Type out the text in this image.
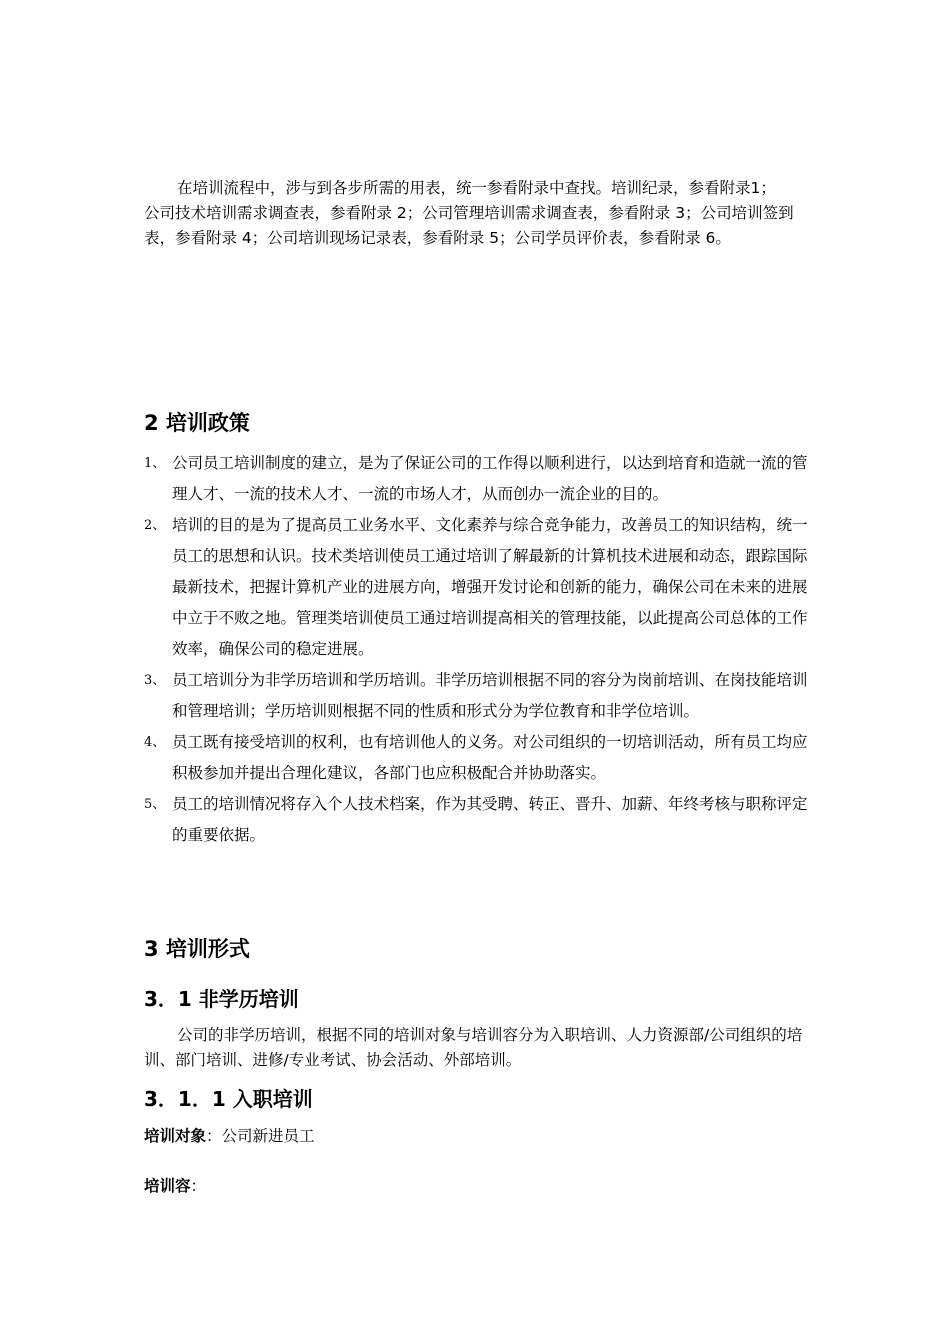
在培训流程中，涉与到各步所需的用表，统一参看附录中查找。培训纪录，参看附录1；

公司技术培训需求调查表，参看附录 2；公司管理培训需求调查表，参看附录 3；公司培训签到表，参看附录 4；公司培训现场记录表，参看附录 5；公司学员评价表，参看附录 6。

2 培训政策
1、 公司员工培训制度的建立，是为了保证公司的工作得以顺利进行，以达到培育和造就一流的管理人才、一流的技术人才、一流的市场人才，从而创办一流企业的目的。
2、 培训的目的是为了提高员工业务水平、文化素养与综合竞争能力，改善员工的知识结构，统一员工的思想和认识。技术类培训使员工通过培训了解最新的计算机技术进展和动态，跟踪国际最新技术，把握计算机产业的进展方向，增强开发讨论和创新的能力，确保公司在未来的进展中立于不败之地。管理类培训使员工通过培训提高相关的管理技能，以此提高公司总体的工作效率，确保公司的稳定进展。
3、 员工培训分为非学历培训和学历培训。非学历培训根据不同的容分为岗前培训、在岗技能培训和管理培训；学历培训则根据不同的性质和形式分为学位教育和非学位培训。
4、 员工既有接受培训的权利，也有培训他人的义务。对公司组织的一切培训活动，所有员工均应积极参加并提出合理化建议，各部门也应积极配合并协助落实。
5、 员工的培训情况将存入个人技术档案，作为其受聘、转正、晋升、加薪、年终考核与职称评定的重要依据。
3 培训形式
3．1 非学历培训

公司的非学历培训，根据不同的培训对象与培训容分为入职培训、人力资源部/公司组织的培训、部门培训、进修/专业考试、协会活动、外部培训。

3．1．1 入职培训

培训对象：公司新进员工

培训容：
